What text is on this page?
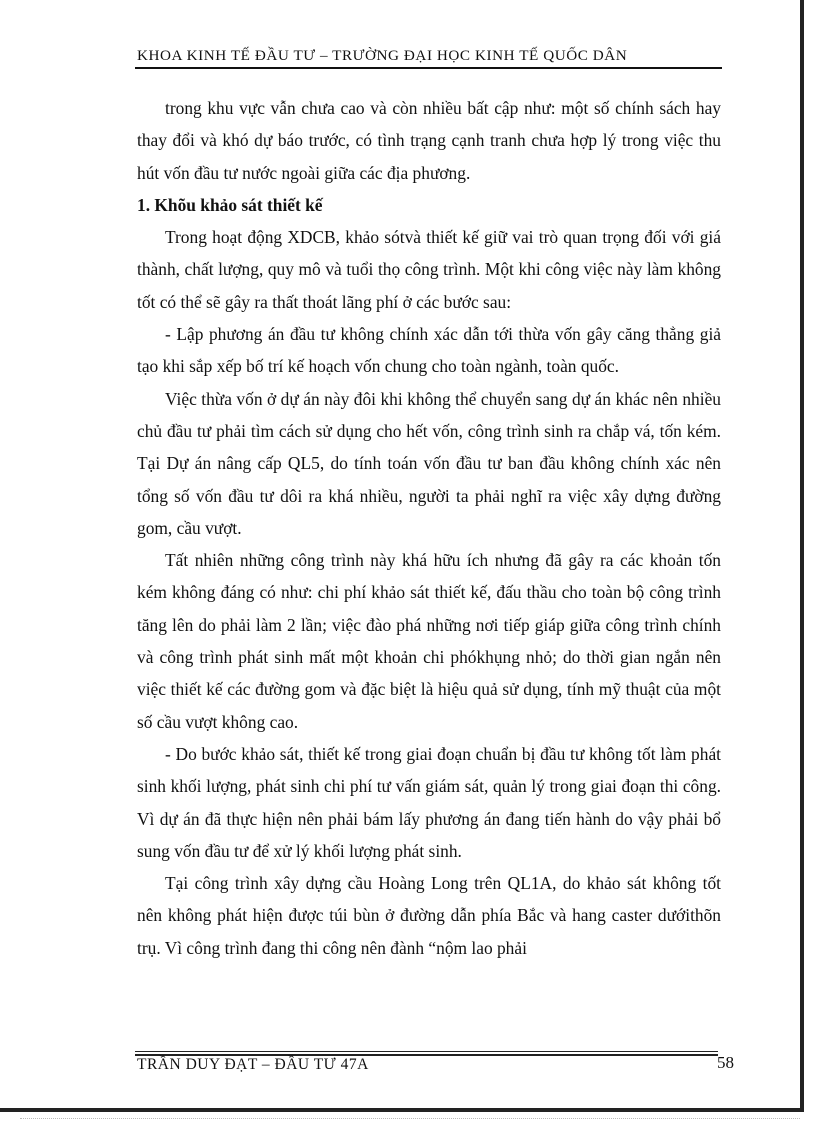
KHOA KINH TẾ ĐẦU TƯ – TRƯỜNG ĐẠI HỌC KINH TẾ QUỐC DÂN

trong khu vực vẫn chưa cao và còn nhiều bất cập như: một số chính sách hay thay đổi và khó dự báo trước, có tình trạng cạnh tranh chưa hợp lý trong việc thu hút vốn đầu tư nước ngoài giữa các địa phương.

1. Khõu khảo sát thiết kế

Trong hoạt động XDCB, khảo sótvà thiết kế giữ vai trò quan trọng đối với giá thành, chất lượng, quy mô và tuổi thọ công trình. Một khi công việc này làm không tốt có thể sẽ gây ra thất thoát lãng phí ở các bước sau:

- Lập phương án đầu tư không chính xác dẫn tới thừa vốn gây căng thẳng giả tạo khi sắp xếp bố trí kế hoạch vốn chung cho toàn ngành, toàn quốc.

Việc thừa vốn ở dự án này đôi khi không thể chuyển sang dự án khác nên nhiều chủ đầu tư phải tìm cách sử dụng cho hết vốn, công trình sinh ra chắp vá, tốn kém. Tại Dự án nâng cấp QL5, do tính toán vốn đầu tư ban đầu không chính xác nên tổng số vốn đầu tư dôi ra khá nhiều, người ta phải nghĩ ra việc xây dựng đường gom, cầu vượt.

Tất nhiên những công trình này khá hữu ích nhưng đã gây ra các khoản tốn kém không đáng có như: chi phí khảo sát thiết kế, đấu thầu cho toàn bộ công trình tăng lên do phải làm 2 lần; việc đào phá những nơi tiếp giáp giữa công trình chính và công trình phát sinh mất một khoản chi phókhụng nhỏ; do thời gian ngắn nên việc thiết kế các đường gom và đặc biệt là hiệu quả sử dụng, tính mỹ thuật của một số cầu vượt không cao.

- Do bước khảo sát, thiết kế trong giai đoạn chuẩn bị đầu tư không tốt làm phát sinh khối lượng, phát sinh chi phí tư vấn giám sát, quản lý trong giai đoạn thi công. Vì dự án đã thực hiện nên phải bám lấy phương án đang tiến hành do vậy phải bổ sung vốn đầu tư để xử lý khối lượng phát sinh.

Tại công trình xây dựng cầu Hoàng Long trên QL1A, do khảo sát không tốt nên không phát hiện được túi bùn ở đường dẫn phía Bắc và hang caster dướithõn trụ. Vì công trình đang thi công nên đành “nộm lao phải

TRẦN DUY ĐẠT – ĐẦU TƯ 47A	58
